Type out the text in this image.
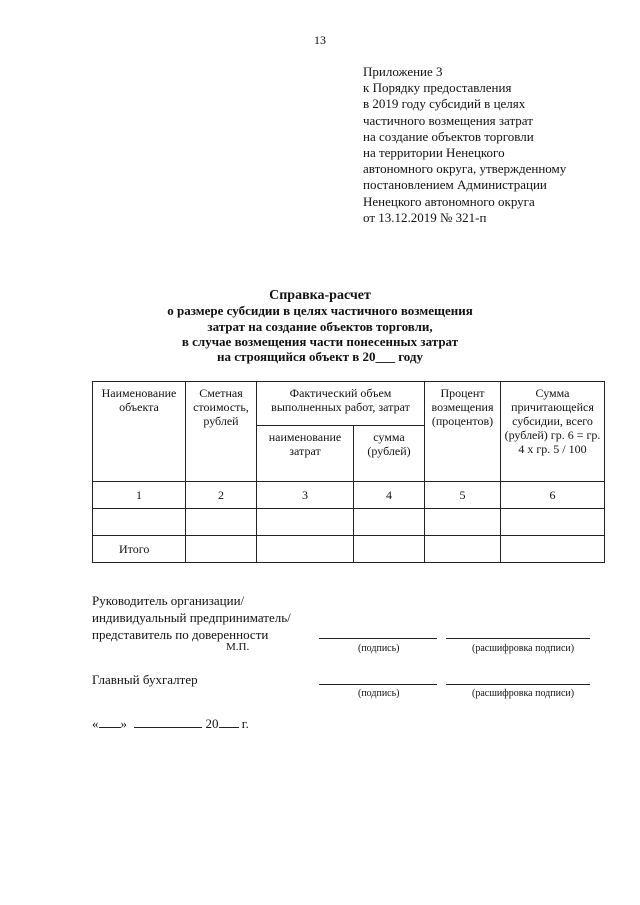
13
Приложение 3
к Порядку предоставления
в 2019 году субсидий в целях
частичного возмещения затрат
на создание объектов торговли
на территории Ненецкого
автономного округа, утвержденному
постановлением Администрации
Ненецкого автономного округа
от 13.12.2019 № 321-п
Справка-расчет
о размере субсидии в целях частичного возмещения
затрат на создание объектов торговли,
в случае возмещения части понесенных затрат
на строящийся объект в 20___ году
Наименование объекта	Сметная стоимость, рублей	Фактический объем выполненных работ, затрат		Процент возмещения (процентов)	Сумма причитающейся субсидии, всего (рублей) гр. 6 = гр. 4 х гр. 5 / 100
		наименование затрат	сумма (рублей)		
1	2	3	4	5	6

Итого					
Руководитель организации/
индивидуальный предприниматель/
представитель по доверенности
М.П.	(подпись)	(расшифровка подписи)
Главный бухгалтер
(подпись)	(расшифровка подписи)
« »	20 г.
